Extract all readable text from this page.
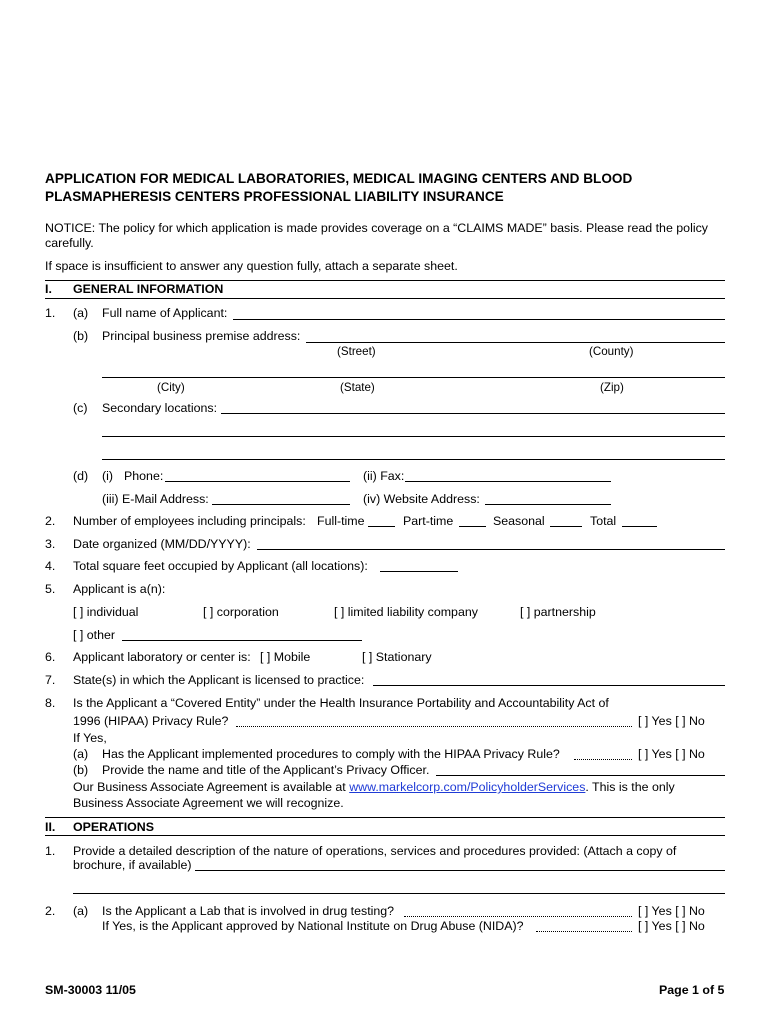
APPLICATION FOR MEDICAL LABORATORIES, MEDICAL IMAGING CENTERS AND BLOOD
PLASMAPHERESIS CENTERS PROFESSIONAL LIABILITY INSURANCE
NOTICE: The policy for which application is made provides coverage on a “CLAIMS MADE” basis. Please read the policy
carefully.
If space is insufficient to answer any question fully, attach a separate sheet.
I. GENERAL INFORMATION
1. (a) Full name of Applicant:
(b) Principal business premise address:
(Street)	(County)
(City)	(State)	(Zip)
(c) Secondary locations:
(d) (i) Phone:	(ii) Fax:
(iii) E-Mail Address:	(iv) Website Address:
2. Number of employees including principals: Full-time	Part-time	Seasonal	Total
3. Date organized (MM/DD/YYYY):
4. Total square feet occupied by Applicant (all locations):
5. Applicant is a(n):
[ ] individual	[ ] corporation	[ ] limited liability company	[ ] partnership
[ ] other
6. Applicant laboratory or center is: [ ] Mobile	[ ] Stationary
7. State(s) in which the Applicant is licensed to practice:
8. Is the Applicant a “Covered Entity” under the Health Insurance Portability and Accountability Act of
1996 (HIPAA) Privacy Rule?	[ ] Yes [ ] No
If Yes,
(a) Has the Applicant implemented procedures to comply with the HIPAA Privacy Rule?	[ ] Yes [ ] No
(b) Provide the name and title of the Applicant’s Privacy Officer.
Our Business Associate Agreement is available at www.markelcorp.com/PolicyholderServices. This is the only
Business Associate Agreement we will recognize.
II. OPERATIONS
1. Provide a detailed description of the nature of operations, services and procedures provided: (Attach a copy of
brochure, if available)
2. (a) Is the Applicant a Lab that is involved in drug testing?	[ ] Yes [ ] No
If Yes, is the Applicant approved by National Institute on Drug Abuse (NIDA)?	[ ] Yes [ ] No
SM-30003 11/05	Page 1 of 5
